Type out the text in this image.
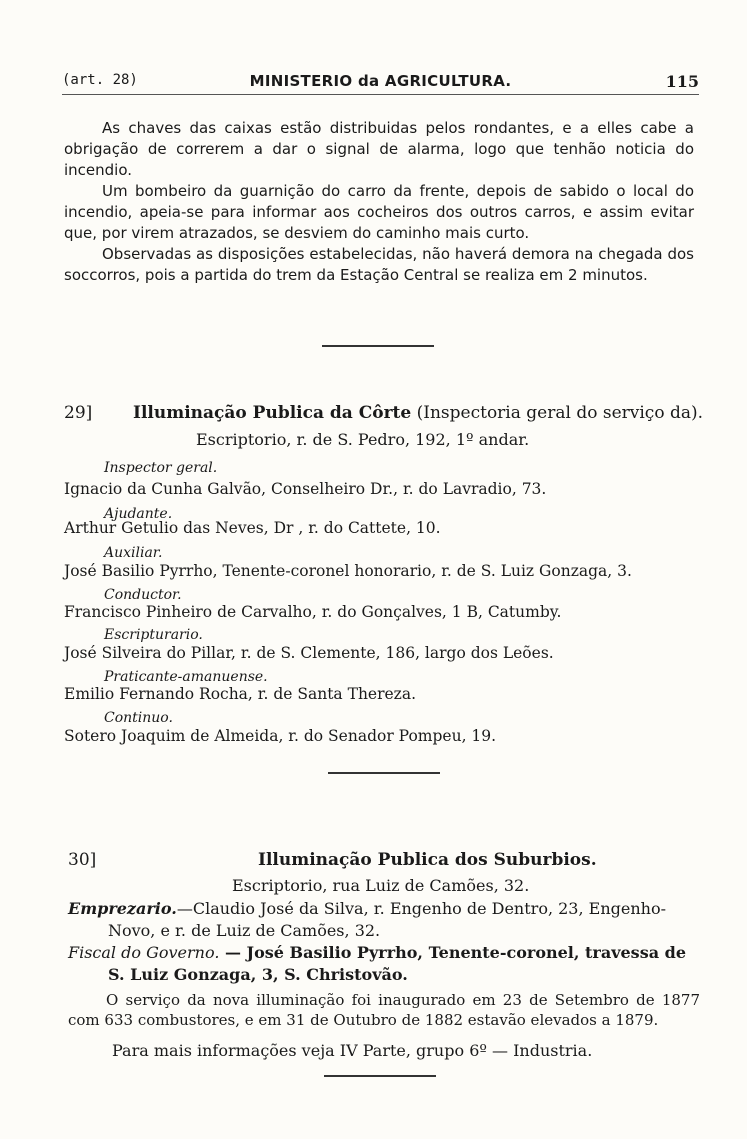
(art. 28)	MINISTERIO da AGRICULTURA.	115

As chaves das caixas estão distribuidas pelos rondantes, e a elles cabe a obrigação de correrem a dar o signal de alarma, logo que tenhão noticia do incendio.

Um bombeiro da guarnição do carro da frente, depois de sabido o local do incendio, apeia-se para informar aos cocheiros dos outros carros, e assim evitar que, por virem atrazados, se desviem do caminho mais curto.

Observadas as disposições estabelecidas, não haverá demora na chegada dos soccorros, pois a partida do trem da Estação Central se realiza em 2 minutos.

29] Illuminação Publica da Côrte (Inspectoria geral do serviço da).
Escriptorio, r. de S. Pedro, 192, 1º andar.
Inspector geral.
Ignacio da Cunha Galvão, Conselheiro Dr., r. do Lavradio, 73.
Ajudante.
Arthur Getulio das Neves, Dr , r. do Cattete, 10.
Auxiliar.
José Basilio Pyrrho, Tenente-coronel honorario, r. de S. Luiz Gonzaga, 3.
Conductor.
Francisco Pinheiro de Carvalho, r. do Gonçalves, 1 B, Catumby.
Escripturario.
José Silveira do Pillar, r. de S. Clemente, 186, largo dos Leões.
Praticante-amanuense.
Emilio Fernando Rocha, r. de Santa Thereza.
Continuo.
Sotero Joaquim de Almeida, r. do Senador Pompeu, 19.
30]	Illuminação Publica dos Suburbios.
Escriptorio, rua Luiz de Camões, 32.
Emprezario.—Claudio José da Silva, r. Engenho de Dentro, 23, Engenho-Novo, e r. de Luiz de Camões, 32.
Fiscal do Governo. — José Basilio Pyrrho, Tenente-coronel, travessa de S. Luiz Gonzaga, 3, S. Christovão.

O serviço da nova illuminação foi inaugurado em 23 de Setembro de 1877 com 633 combustores, e em 31 de Outubro de 1882 estavão elevados a 1879.

Para mais informações veja IV Parte, grupo 6º — Industria.
